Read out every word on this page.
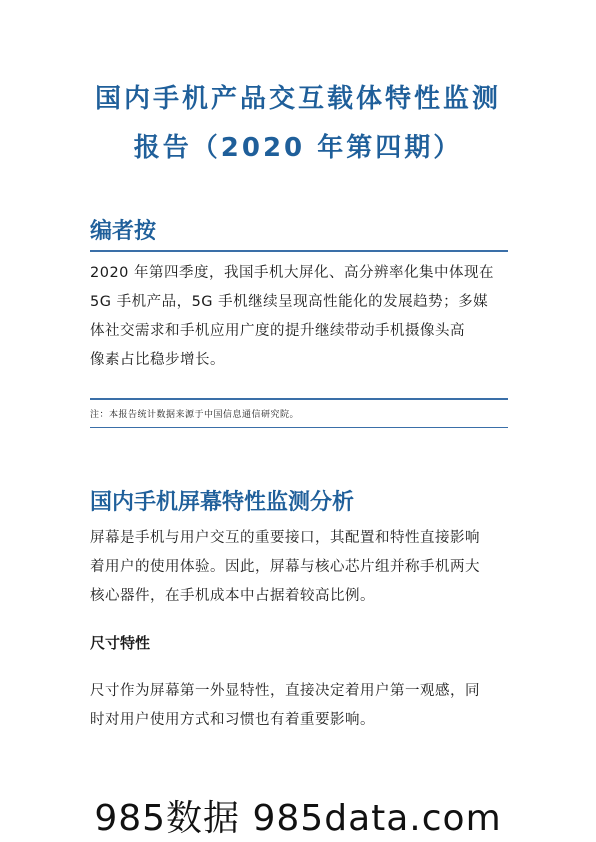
国内手机产品交互载体特性监测
报告（2020 年第四期）
编者按
2020 年第四季度，我国手机大屏化、高分辨率化集中体现在
5G 手机产品，5G 手机继续呈现高性能化的发展趋势；多媒
体社交需求和手机应用广度的提升继续带动手机摄像头高
像素占比稳步增长。
注：本报告统计数据来源于中国信息通信研究院。
国内手机屏幕特性监测分析
屏幕是手机与用户交互的重要接口，其配置和特性直接影响
着用户的使用体验。因此，屏幕与核心芯片组并称手机两大
核心器件，在手机成本中占据着较高比例。
尺寸特性
尺寸作为屏幕第一外显特性，直接决定着用户第一观感，同
时对用户使用方式和习惯也有着重要影响。
985数据 985data.com
